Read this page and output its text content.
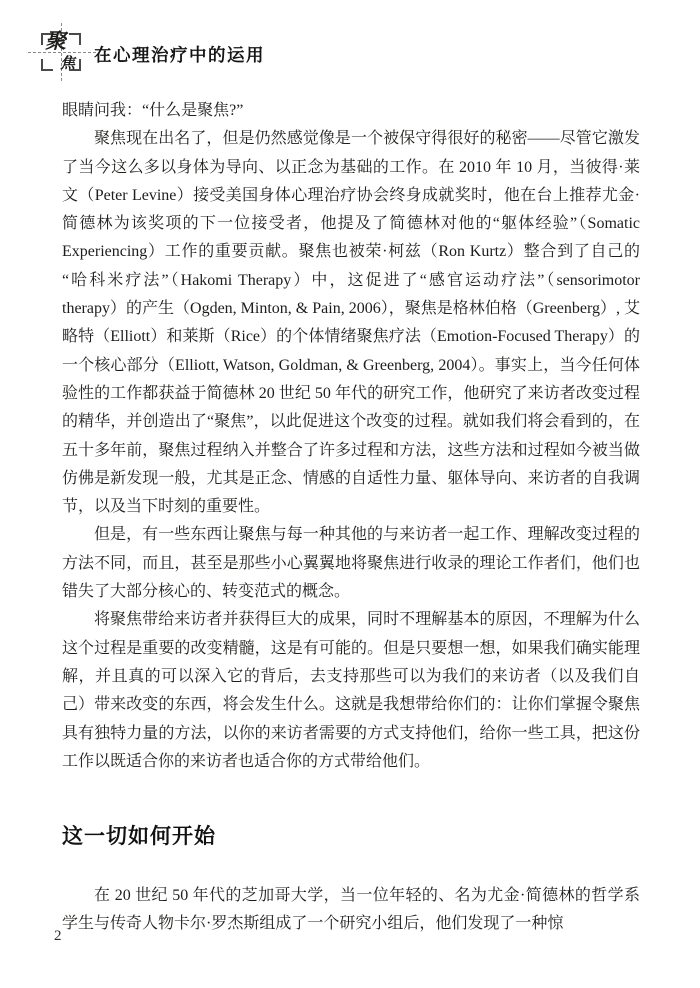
聚
焦 在心理治疗中的运用

眼睛问我：“什么是聚焦?”

聚焦现在出名了，但是仍然感觉像是一个被保守得很好的秘密——尽管它激发了当今这么多以身体为导向、以正念为基础的工作。在 2010 年 10 月，当彼得·莱文（Peter Levine）接受美国身体心理治疗协会终身成就奖时，他在台上推荐尤金·简德林为该奖项的下一位接受者，他提及了简德林对他的“躯体经验”（Somatic Experiencing）工作的重要贡献。聚焦也被荣·柯兹（Ron Kurtz）整合到了自己的“哈科米疗法”（Hakomi Therapy）中，这促进了“感官运动疗法”（sensorimotor therapy）的产生（Ogden, Minton, & Pain, 2006），聚焦是格林伯格（Greenberg）, 艾略特（Elliott）和莱斯（Rice）的个体情绪聚焦疗法（Emotion-Focused Therapy）的一个核心部分（Elliott, Watson, Goldman, & Greenberg, 2004）。事实上，当今任何体验性的工作都获益于简德林 20 世纪 50 年代的研究工作，他研究了来访者改变过程的精华，并创造出了“聚焦”，以此促进这个改变的过程。就如我们将会看到的，在五十多年前，聚焦过程纳入并整合了许多过程和方法，这些方法和过程如今被当做仿佛是新发现一般，尤其是正念、情感的自适性力量、躯体导向、来访者的自我调节，以及当下时刻的重要性。

但是，有一些东西让聚焦与每一种其他的与来访者一起工作、理解改变过程的方法不同，而且，甚至是那些小心翼翼地将聚焦进行收录的理论工作者们，他们也错失了大部分核心的、转变范式的概念。

将聚焦带给来访者并获得巨大的成果，同时不理解基本的原因，不理解为什么这个过程是重要的改变精髓，这是有可能的。但是只要想一想，如果我们确实能理解，并且真的可以深入它的背后，去支持那些可以为我们的来访者（以及我们自己）带来改变的东西，将会发生什么。这就是我想带给你们的：让你们掌握令聚焦具有独特力量的方法，以你的来访者需要的方式支持他们，给你一些工具，把这份工作以既适合你的来访者也适合你的方式带给他们。

这一切如何开始

在 20 世纪 50 年代的芝加哥大学，当一位年轻的、名为尤金·简德林的哲学系学生与传奇人物卡尔·罗杰斯组成了一个研究小组后，他们发现了一种惊

2
